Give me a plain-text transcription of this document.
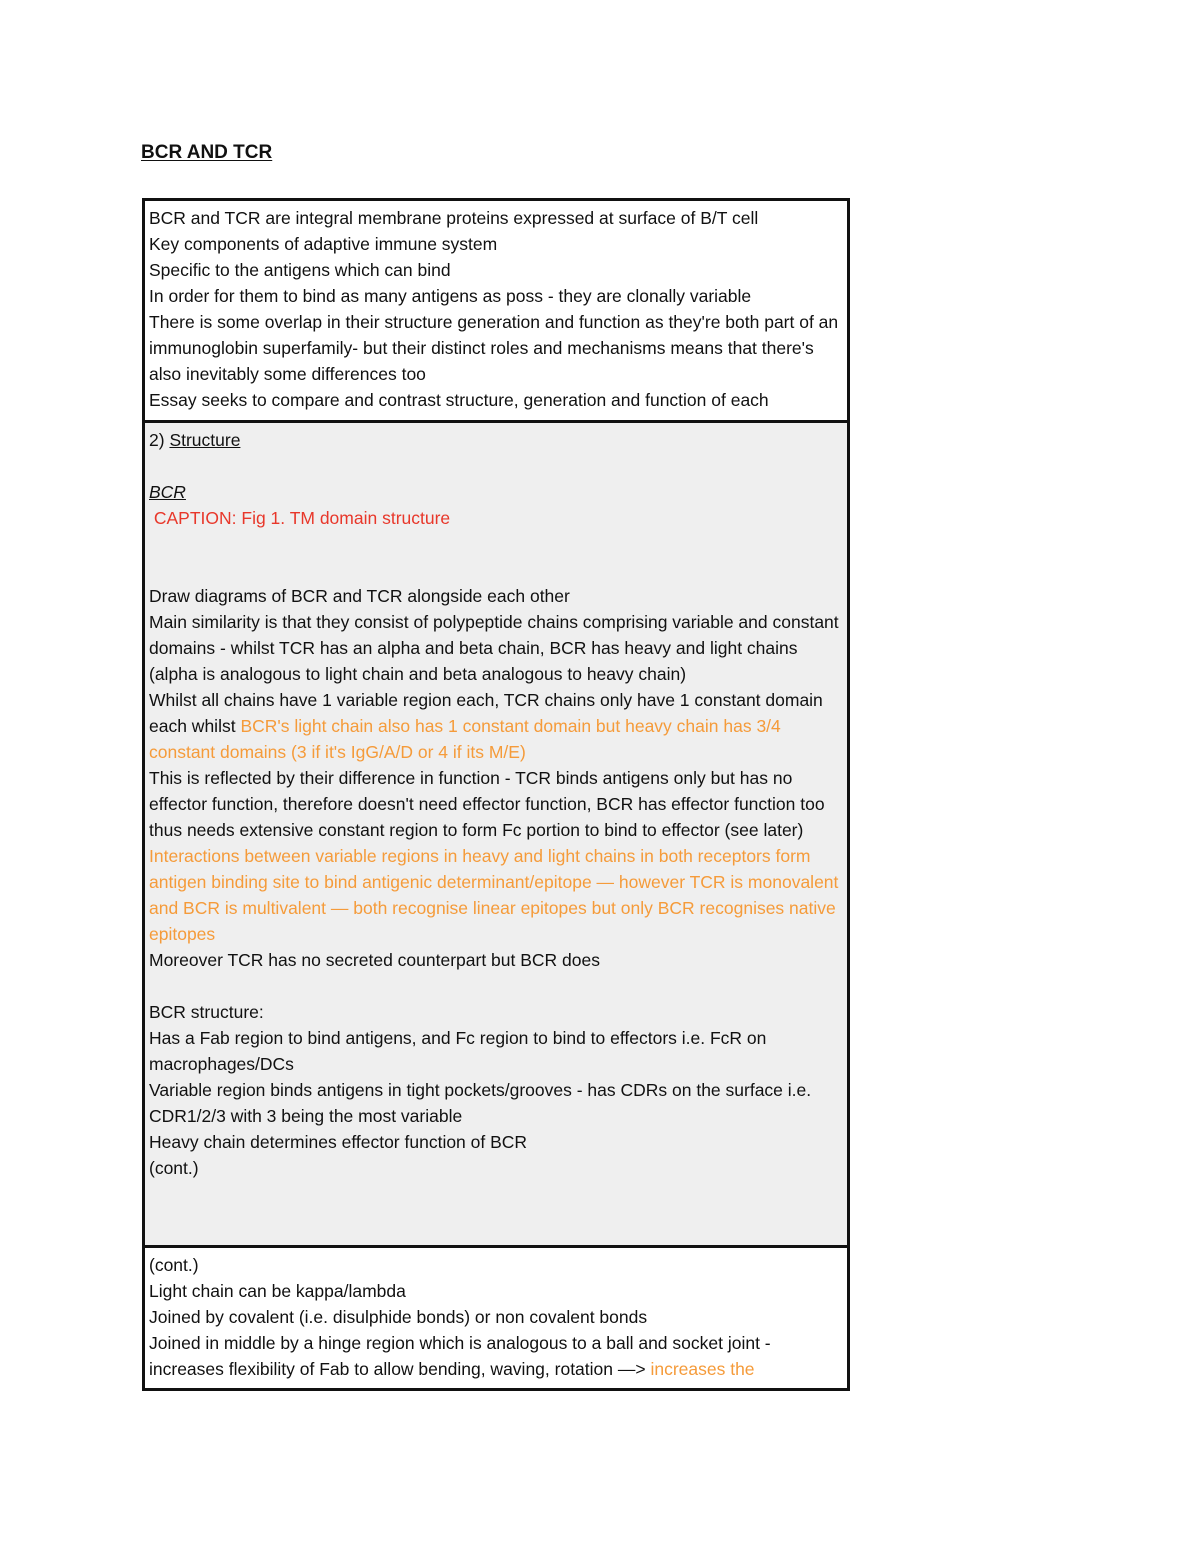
BCR AND TCR
BCR and TCR are integral membrane proteins expressed at surface of B/T cell
Key components of adaptive immune system
Specific to the antigens which can bind
In order for them to bind as many antigens as poss - they are clonally variable
There is some overlap in their structure generation and function as they're both part of an immunoglobin superfamily- but their distinct roles and mechanisms means that there's also inevitably some differences too
Essay seeks to compare and contrast structure, generation and function of each
2) Structure
BCR
CAPTION: Fig 1. TM domain structure
Draw diagrams of BCR and TCR alongside each other
Main similarity is that they consist of polypeptide chains comprising variable and constant domains - whilst TCR has an alpha and beta chain, BCR has heavy and light chains (alpha is analogous to light chain and beta analogous to heavy chain)
Whilst all chains have 1 variable region each, TCR chains only have 1 constant domain each whilst BCR's light chain also has 1 constant domain but heavy chain has 3/4 constant domains (3 if it's IgG/A/D or 4 if its M/E)
This is reflected by their difference in function - TCR binds antigens only but has no effector function, therefore doesn't need effector function, BCR has effector function too thus needs extensive constant region to form Fc portion to bind to effector (see later)
Interactions between variable regions in heavy and light chains in both receptors form antigen binding site to bind antigenic determinant/epitope — however TCR is monovalent and BCR is multivalent — both recognise linear epitopes but only BCR recognises native epitopes
Moreover TCR has no secreted counterpart but BCR does
BCR structure:
Has a Fab region to bind antigens, and Fc region to bind to effectors i.e. FcR on macrophages/DCs
Variable region binds antigens in tight pockets/grooves - has CDRs on the surface i.e. CDR1/2/3 with 3 being the most variable
Heavy chain determines effector function of BCR
(cont.)
(cont.)
Light chain can be kappa/lambda
Joined by covalent (i.e. disulphide bonds) or non covalent bonds
Joined in middle by a hinge region which is analogous to a ball and socket joint - increases flexibility of Fab to allow bending, waving, rotation —> increases the
